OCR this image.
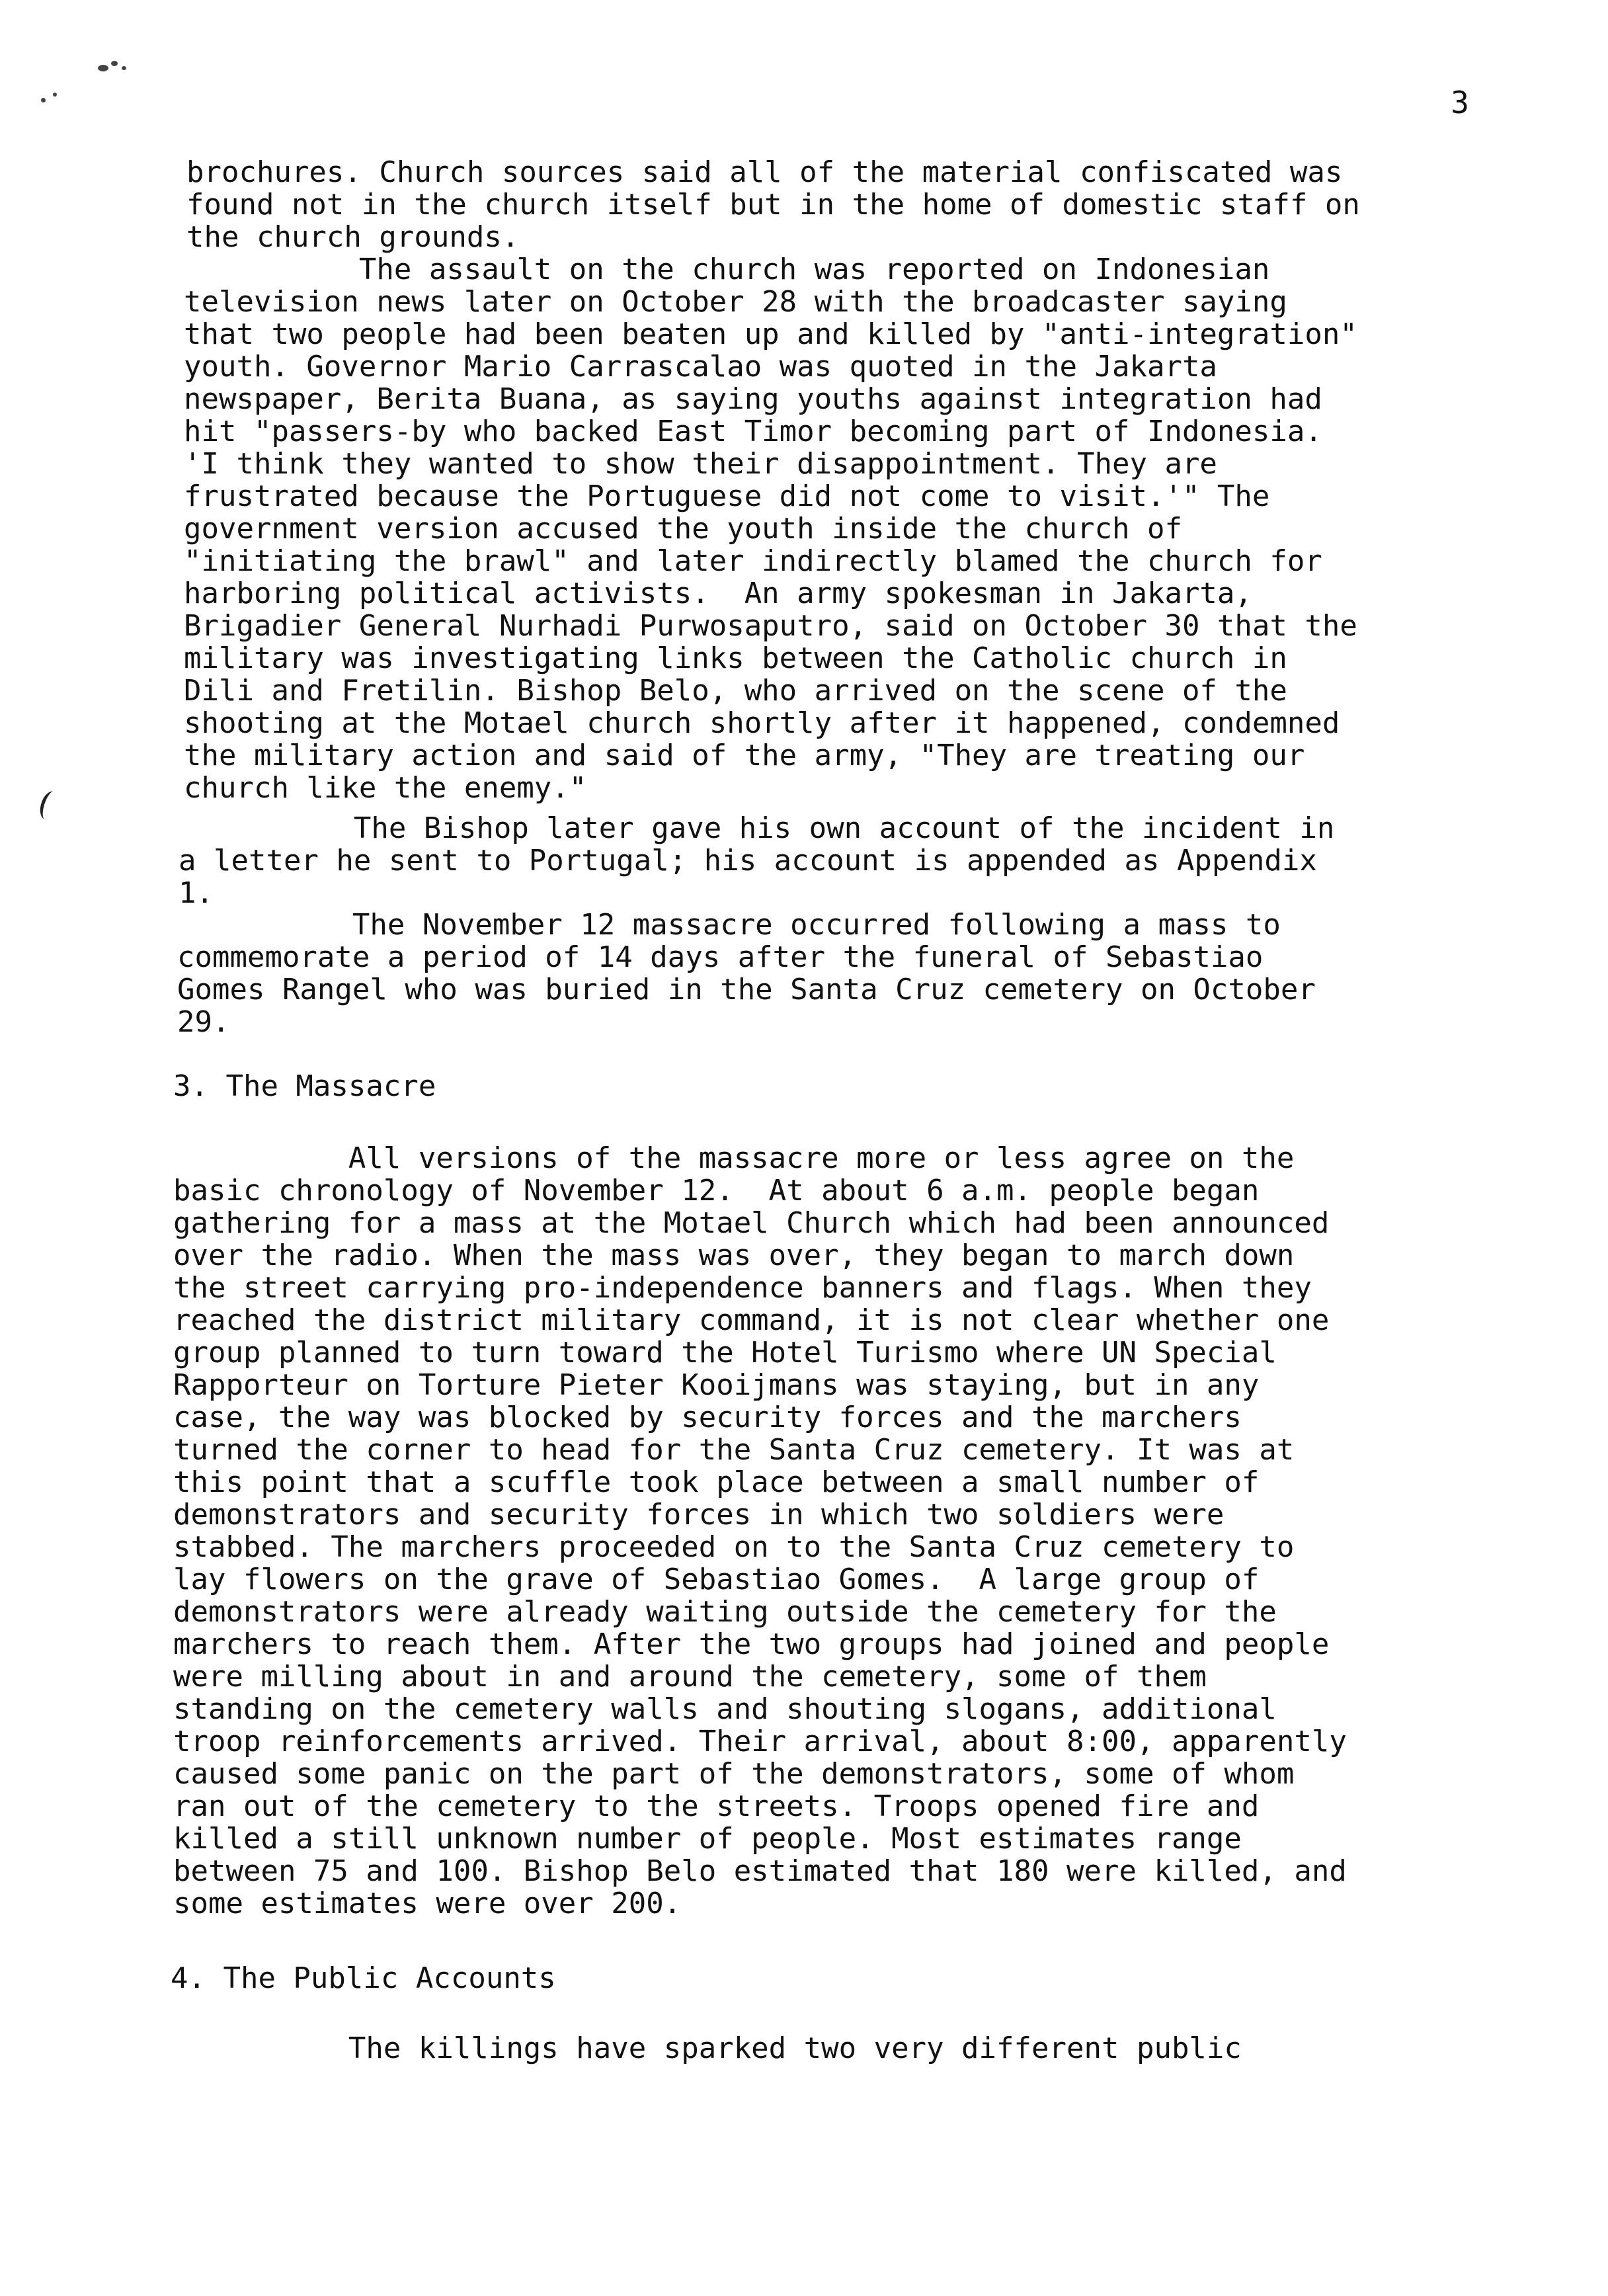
3
brochures. Church sources said all of the material confiscated was
found not in the church itself but in the home of domestic staff on
the church grounds.
The assault on the church was reported on Indonesian
television news later on October 28 with the broadcaster saying
that two people had been beaten up and killed by "anti-integration"
youth. Governor Mario Carrascalao was quoted in the Jakarta
newspaper, Berita Buana, as saying youths against integration had
hit "passers-by who backed East Timor becoming part of Indonesia.
'I think they wanted to show their disappointment. They are
frustrated because the Portuguese did not come to visit.'" The
government version accused the youth inside the church of
"initiating the brawl" and later indirectly blamed the church for
harboring political activists.  An army spokesman in Jakarta,
Brigadier General Nurhadi Purwosaputro, said on October 30 that the
military was investigating links between the Catholic church in
Dili and Fretilin. Bishop Belo, who arrived on the scene of the
shooting at the Motael church shortly after it happened, condemned
the military action and said of the army, "They are treating our
church like the enemy."
The Bishop later gave his own account of the incident in
a letter he sent to Portugal; his account is appended as Appendix
1.
The November 12 massacre occurred following a mass to
commemorate a period of 14 days after the funeral of Sebastiao
Gomes Rangel who was buried in the Santa Cruz cemetery on October
29.
3. The Massacre
All versions of the massacre more or less agree on the
basic chronology of November 12.  At about 6 a.m. people began
gathering for a mass at the Motael Church which had been announced
over the radio. When the mass was over, they began to march down
the street carrying pro-independence banners and flags. When they
reached the district military command, it is not clear whether one
group planned to turn toward the Hotel Turismo where UN Special
Rapporteur on Torture Pieter Kooijmans was staying, but in any
case, the way was blocked by security forces and the marchers
turned the corner to head for the Santa Cruz cemetery. It was at
this point that a scuffle took place between a small number of
demonstrators and security forces in which two soldiers were
stabbed. The marchers proceeded on to the Santa Cruz cemetery to
lay flowers on the grave of Sebastiao Gomes.  A large group of
demonstrators were already waiting outside the cemetery for the
marchers to reach them. After the two groups had joined and people
were milling about in and around the cemetery, some of them
standing on the cemetery walls and shouting slogans, additional
troop reinforcements arrived. Their arrival, about 8:00, apparently
caused some panic on the part of the demonstrators, some of whom
ran out of the cemetery to the streets. Troops opened fire and
killed a still unknown number of people. Most estimates range
between 75 and 100. Bishop Belo estimated that 180 were killed, and
some estimates were over 200.
4. The Public Accounts
The killings have sparked two very different public
